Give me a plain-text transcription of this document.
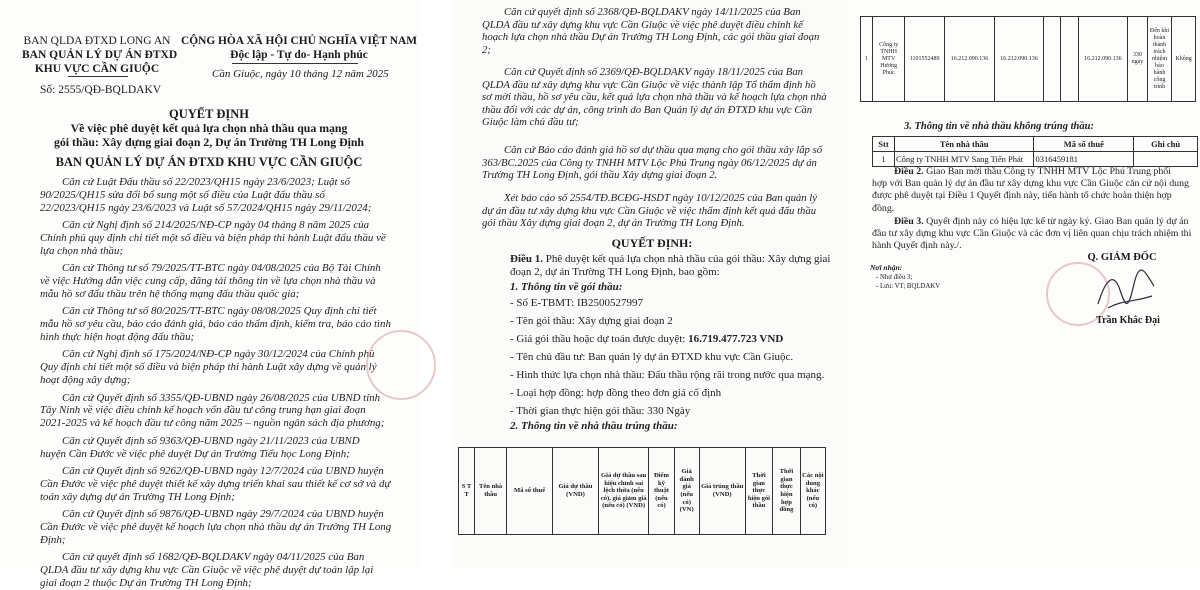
BAN QLDA ĐTXD LONG AN
BAN QUẢN LÝ DỰ ÁN ĐTXD
KHU VỰC CẦN GIUỘC
CỘNG HÒA XÃ HỘI CHỦ NGHĨA VIỆT NAM
Độc lập - Tự do- Hạnh phúc
Số: 2555/QĐ-BQLDAKV
Cần Giuộc, ngày 10 tháng 12 năm 2025
QUYẾT ĐỊNH
Về việc phê duyệt kết quả lựa chọn nhà thầu qua mạng
gói thầu: Xây dựng giai đoạn 2, Dự án Trường TH Long Định
BAN QUẢN LÝ DỰ ÁN ĐTXD KHU VỰC CẦN GIUỘC
Căn cứ Luật Đấu thầu số 22/2023/QH15 ngày 23/6/2023; Luật số
90/2025/QH15 sửa đổi bổ sung một số điều của Luật đấu thầu số
22/2023/QH15 ngày 23/6/2023 và Luật số 57/2024/QH15 ngày 29/11/2024;
Căn cứ Nghị định số 214/2025/NĐ-CP ngày 04 tháng 8 năm 2025 của
Chính phủ quy định chi tiết một số điều và biện pháp thi hành Luật đấu thầu về
lựa chọn nhà thầu;
Căn cứ Thông tư số 79/2025/TT-BTC ngày 04/08/2025 của Bộ Tài Chính
về việc Hướng dẫn việc cung cấp, đăng tải thông tin về lựa chọn nhà thầu và
mẫu hồ sơ đấu thầu trên hệ thống mạng đấu thầu quốc gia;
Căn cứ Thông tư số 80/2025/TT-BTC ngày 08/08/2025 Quy định chi tiết
mẫu hồ sơ yêu cầu, báo cáo đánh giá, báo cáo thẩm định, kiểm tra, báo cáo tình
hình thực hiện hoạt động đấu thầu;
Căn cứ Nghị định số 175/2024/NĐ-CP ngày 30/12/2024 của Chính phủ
Quy định chi tiết một số điều và biện pháp thi hành Luật xây dựng về quản lý
hoạt động xây dựng;
Căn cứ Quyết định số 3355/QĐ-UBND ngày 26/08/2025 của UBND tỉnh
Tây Ninh về việc điều chỉnh kế hoạch vốn đầu tư công trung hạn giai đoạn
2021-2025 và kế hoạch đầu tư công năm 2025 – nguồn ngân sách địa phương;
Căn cứ Quyết định số 9363/QĐ-UBND ngày 21/11/2023 của UBND
huyện Cần Đước về việc phê duyệt Dự án Trường Tiểu học Long Định;
Căn cứ Quyết định số 9262/QĐ-UBND ngày 12/7/2024 của UBND huyện
Cần Đước về việc phê duyệt thiết kế xây dựng triển khai sau thiết kế cơ sở và dự
toán xây dựng dự án Trường TH Long Định;
Căn cứ Quyết định số 9876/QĐ-UBND ngày 29/7/2024 của UBND huyện
Cần Đước về việc phê duyệt kế hoạch lựa chọn nhà thầu dự án Trường TH Long
Định;
Căn cứ quyết định số 1682/QĐ-BQLDAKV ngày 04/11/2025 của Ban
QLDA đầu tư xây dựng khu vực Cần Giuộc về việc phê duyệt dự toán lập lại
giai đoạn 2 thuộc Dự án Trường TH Long Định;
Căn cứ quyết định số 2368/QĐ-BQLDAKV ngày 14/11/2025 của Ban
QLDA đầu tư xây dựng khu vực Cần Giuộc về việc phê duyệt điều chỉnh kế
hoạch lựa chọn nhà thầu Dự án Trường TH Long Định, các gói thầu giai đoạn
2;
Căn cứ Quyết định số 2369/QĐ-BQLDAKV ngày 18/11/2025 của Ban
QLDA đầu tư xây dựng khu vực Cần Giuộc về việc thành lập Tổ thẩm định hồ
sơ mời thầu, hồ sơ yêu cầu, kết quả lựa chọn nhà thầu và kế hoạch lựa chọn nhà
thầu đối với các dự án, công trình do Ban Quản lý dự án ĐTXD khu vực Cần
Giuộc làm chủ đầu tư;
Căn cứ Báo cáo đánh giá hồ sơ dự thầu qua mạng cho gói thầu xây lắp số
363/BC.2025 của Công ty TNHH MTV Lộc Phú Trung ngày 06/12/2025 dự án
Trường TH Long Định, gói thầu Xây dựng giai đoạn 2.
Xét báo cáo số 2554/TĐ.BCĐG-HSDT ngày 10/12/2025 của Ban quản lý
dự án đầu tư xây dựng khu vực Cần Giuộc về việc thẩm định kết quả đấu thầu
gói thầu Xây dựng giai đoạn 2, dự án Trường TH Long Định.
QUYẾT ĐỊNH:
Điều 1. Phê duyệt kết quả lựa chọn nhà thầu của gói thầu: Xây dựng giai
đoạn 2, dự án Trường TH Long Định, bao gồm:
1. Thông tin về gói thầu:
- Số E-TBMT: IB2500527997
- Tên gói thầu: Xây dựng giai đoạn 2
- Giá gói thầu hoặc dự toán được duyệt: 16.719.477.723 VND
- Tên chủ đầu tư: Ban quản lý dự án ĐTXD khu vực Cần Giuộc.
- Hình thức lựa chọn nhà thầu: Đấu thầu rộng rãi trong nước qua mạng.
- Loại hợp đồng: hợp đồng theo đơn giá cố định
- Thời gian thực hiện gói thầu: 330 Ngày
2. Thông tin về nhà thầu trúng thầu:
S T T	Tên nhà thầu	Mã số thuế	Giá dự thầu (VND)	Giá dự thầu sau hiệu chỉnh sai lệch thừa (nếu có), giá giảm giá (nếu có) (VND)	Điểm kỹ thuật (nếu có)	Giá đánh giá (nếu có) (VN)	Giá trúng thầu (VND)	Thời gian thực hiện gói thầu	Thời gian thực hiện hợp đồng	Các nội dung khác (nếu có)
1	Công ty TNHH MTV Hương Phúc	1101552489	16.212.090.136	16.212.090.136			16.212.090.136	330 ngày	Đến khi hoàn thành trách nhiệm bảo hành công trình	Không
3. Thông tin về nhà thầu không trúng thầu:
Stt	Tên nhà thầu	Mã số thuế	Ghi chú
1	Công ty TNHH MTV Sang Tiến Phát	0316459181	
Điều 2. Giao Ban mời thầu Công ty TNHH MTV Lộc Phú Trung phối
hợp với Ban quản lý dự án đầu tư xây dựng khu vực Cần Giuộc căn cứ nội dung
được phê duyệt tại Điều 1 Quyết định này, tiến hành tổ chức hoàn thiện hợp
đồng.
Điều 3. Quyết định này có hiệu lực kể từ ngày ký. Giao Ban quản lý dự án
đầu tư xây dựng khu vực Cần Giuộc và các đơn vị liên quan chịu trách nhiệm thi
hành Quyết định này./.
Q. GIÁM ĐỐC
Nơi nhận:
- Như điều 3;
- Lưu: VT; BQLDAKV
Trần Khắc Đại
